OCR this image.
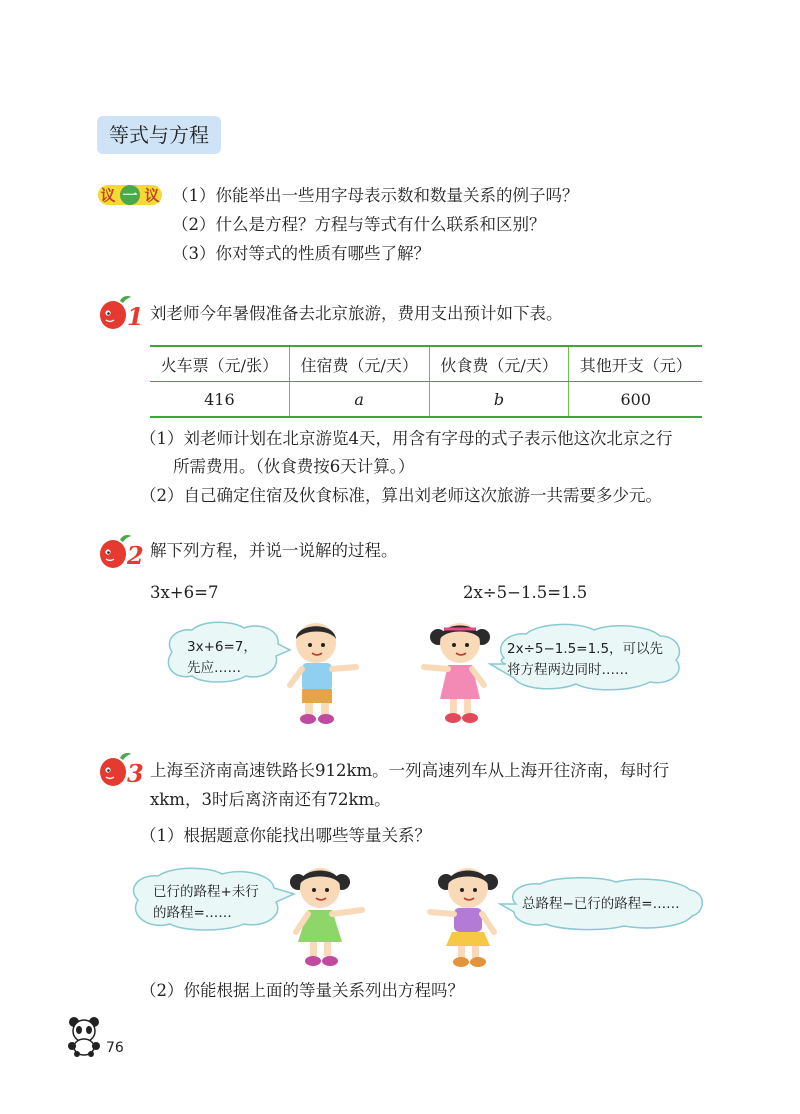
等式与方程
议 一 议 （1）你能举出一些用字母表示数和数量关系的例子吗？
（2）什么是方程？方程与等式有什么联系和区别？
（3）你对等式的性质有哪些了解？
1 刘老师今年暑假准备去北京旅游，费用支出预计如下表。
火车票（元/张）	住宿费（元/天）	伙食费（元/天）	其他开支（元）
416	a	b	600
（1）刘老师计划在北京游览4天，用含有字母的式子表示他这次北京之行
所需费用。（伙食费按6天计算。）
（2）自己确定住宿及伙食标准，算出刘老师这次旅游一共需要多少元。
2 解下列方程，并说一说解的过程。
3x+6=7	2x÷5−1.5=1.5
3x+6=7，
先应……
2x÷5−1.5=1.5，可以先
将方程两边同时……
3 上海至济南高速铁路长912km。一列高速列车从上海开往济南，每时行
xkm，3时后离济南还有72km。
（1）根据题意你能找出哪些等量关系？
已行的路程+未行
的路程=……
总路程−已行的路程=……
（2）你能根据上面的等量关系列出方程吗？
76
